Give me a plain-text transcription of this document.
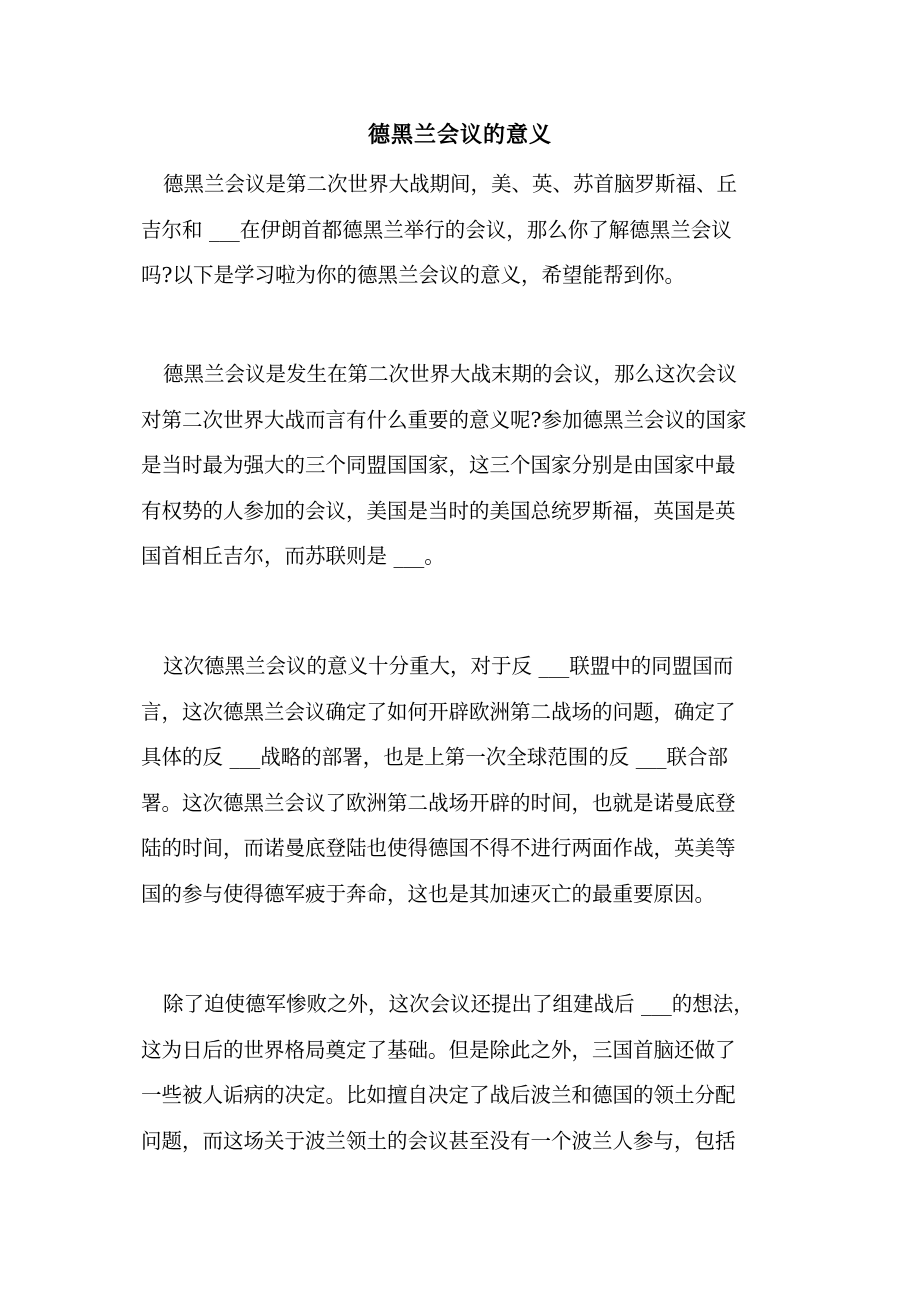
德黑兰会议的意义
德黑兰会议是第二次世界大战期间，美、英、苏首脑罗斯福、丘
吉尔和 ___在伊朗首都德黑兰举行的会议，那么你了解德黑兰会议
吗?以下是学习啦为你的德黑兰会议的意义，希望能帮到你。
德黑兰会议是发生在第二次世界大战末期的会议，那么这次会议
对第二次世界大战而言有什么重要的意义呢?参加德黑兰会议的国家
是当时最为强大的三个同盟国国家，这三个国家分别是由国家中最
有权势的人参加的会议，美国是当时的美国总统罗斯福，英国是英
国首相丘吉尔，而苏联则是 ___。
这次德黑兰会议的意义十分重大，对于反 ___联盟中的同盟国而
言，这次德黑兰会议确定了如何开辟欧洲第二战场的问题，确定了
具体的反 ___战略的部署，也是上第一次全球范围的反 ___联合部
署。这次德黑兰会议了欧洲第二战场开辟的时间，也就是诺曼底登
陆的时间，而诺曼底登陆也使得德国不得不进行两面作战，英美等
国的参与使得德军疲于奔命，这也是其加速灭亡的最重要原因。
除了迫使德军惨败之外，这次会议还提出了组建战后 ___的想法，
这为日后的世界格局奠定了基础。但是除此之外，三国首脑还做了
一些被人诟病的决定。比如擅自决定了战后波兰和德国的领土分配
问题，而这场关于波兰领土的会议甚至没有一个波兰人参与，包括
